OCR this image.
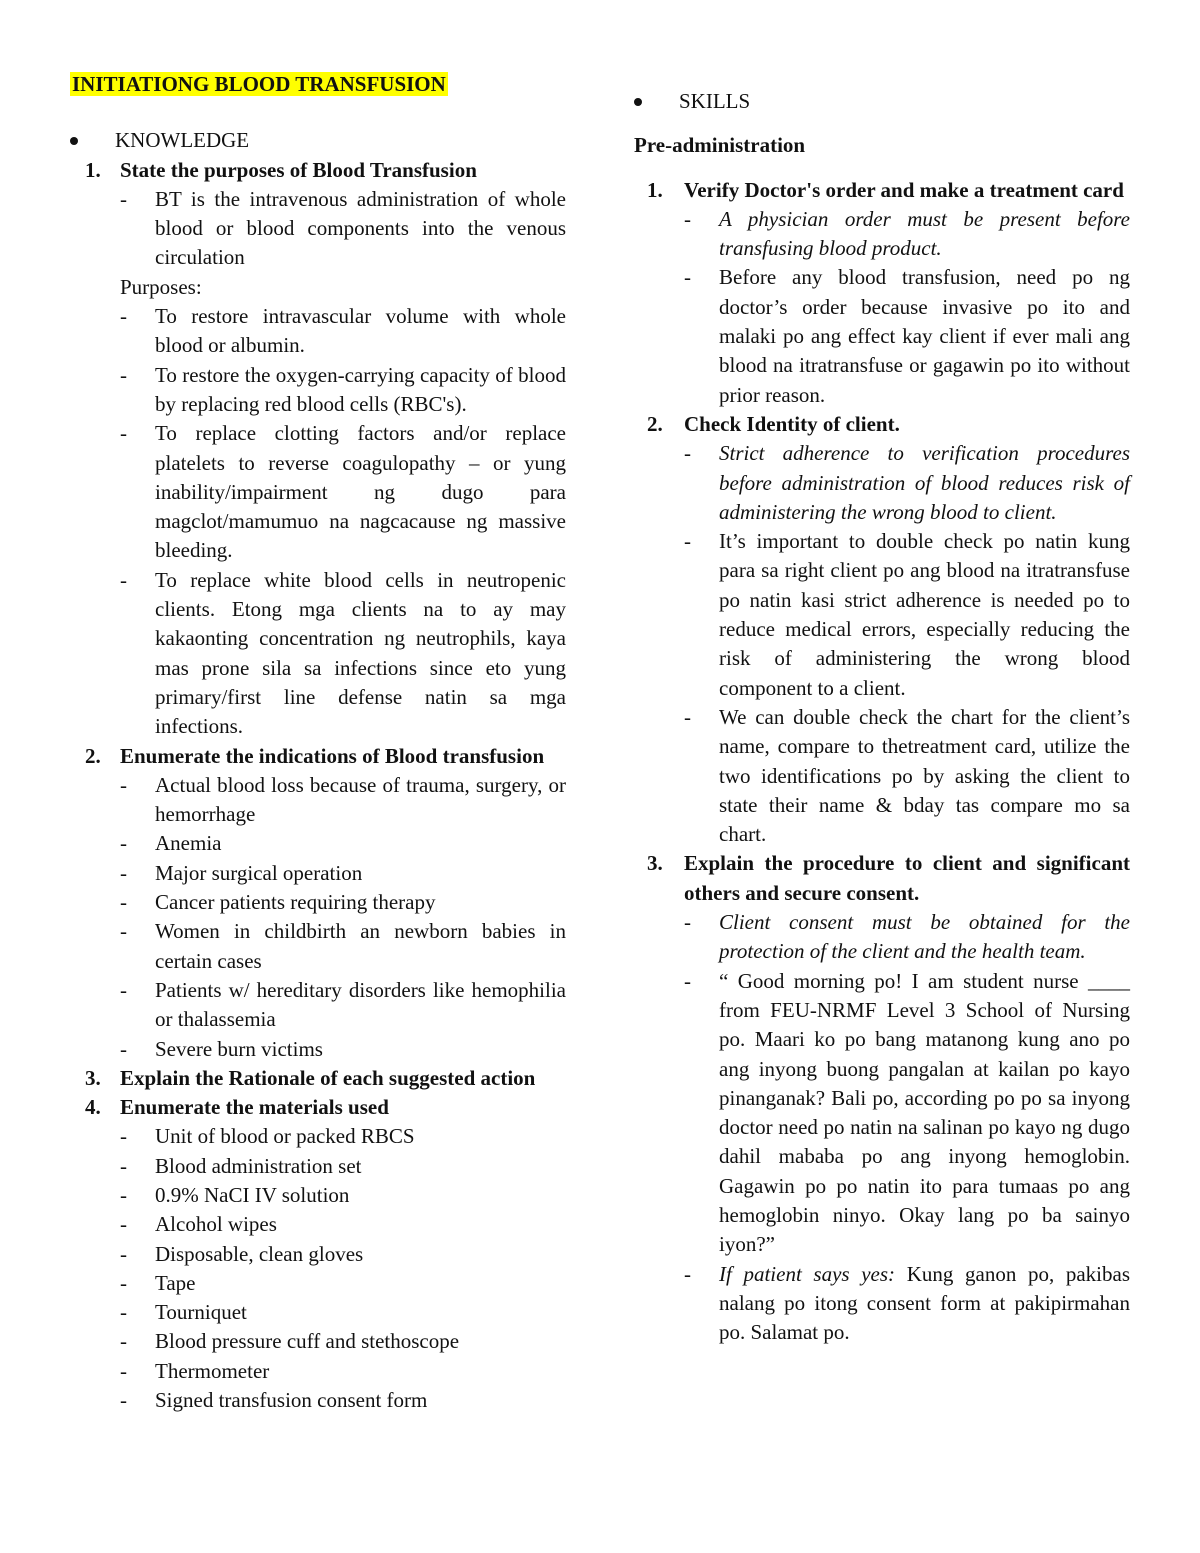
INITIATIONG BLOOD TRANSFUSION
KNOWLEDGE
1. State the purposes of Blood Transfusion
- BT is the intravenous administration of whole blood or blood components into the venous circulation
Purposes:
- To restore intravascular volume with whole blood or albumin.
- To restore the oxygen-carrying capacity of blood by replacing red blood cells (RBC's).
- To replace clotting factors and/or replace platelets to reverse coagulopathy – or yung inability/impairment ng dugo para magclot/mamumuo na nagcacause ng massive bleeding.
- To replace white blood cells in neutropenic clients. Etong mga clients na to ay may kakaonting concentration ng neutrophils, kaya mas prone sila sa infections since eto yung primary/first line defense natin sa mga infections.
2. Enumerate the indications of Blood transfusion
- Actual blood loss because of trauma, surgery, or hemorrhage
- Anemia
- Major surgical operation
- Cancer patients requiring therapy
- Women in childbirth an newborn babies in certain cases
- Patients w/ hereditary disorders like hemophilia or thalassemia
- Severe burn victims
3. Explain the Rationale of each suggested action
4. Enumerate the materials used
- Unit of blood or packed RBCS
- Blood administration set
- 0.9% NaCI IV solution
- Alcohol wipes
- Disposable, clean gloves
- Tape
- Tourniquet
- Blood pressure cuff and stethoscope
- Thermometer
- Signed transfusion consent form
SKILLS
Pre-administration
1. Verify Doctor's order and make a treatment card
- A physician order must be present before transfusing blood product.
- Before any blood transfusion, need po ng doctor’s order because invasive po ito and malaki po ang effect kay client if ever mali ang blood na itratransfuse or gagawin po ito without prior reason.
2. Check Identity of client.
- Strict adherence to verification procedures before administration of blood reduces risk of administering the wrong blood to client.
- It’s important to double check po natin kung para sa right client po ang blood na itratransfuse po natin kasi strict adherence is needed po to reduce medical errors, especially reducing the risk of administering the wrong blood component to a client.
- We can double check the chart for the client’s name, compare to thetreatment card, utilize the two identifications po by asking the client to state their name & bday tas compare mo sa chart.
3. Explain the procedure to client and significant others and secure consent.
- Client consent must be obtained for the protection of the client and the health team.
- “ Good morning po! I am student nurse ____ from FEU-NRMF Level 3 School of Nursing po. Maari ko po bang matanong kung ano po ang inyong buong pangalan at kailan po kayo pinanganak? Bali po, according po po sa inyong doctor need po natin na salinan po kayo ng dugo dahil mababa po ang inyong hemoglobin. Gagawin po po natin ito para tumaas po ang hemoglobin ninyo. Okay lang po ba sainyo iyon?”
- If patient says yes: Kung ganon po, pakibas nalang po itong consent form at pakipirmahan po. Salamat po.
